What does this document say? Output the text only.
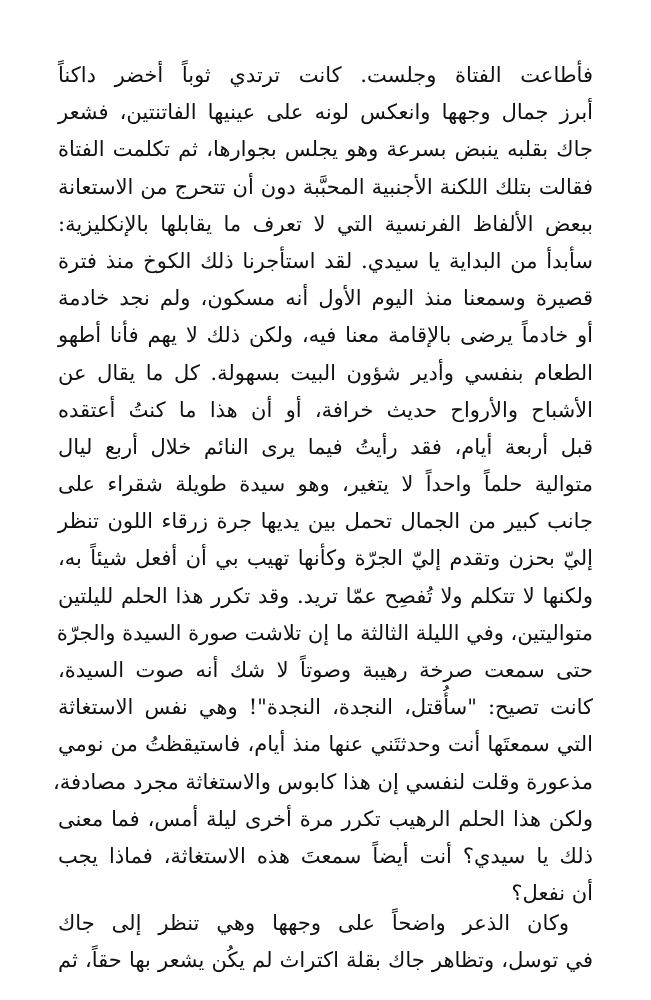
فأطاعت الفتاة وجلست. كانت ترتدي ثوباً أخضر داكناً
أبرز جمال وجهها وانعكس لونه على عينيها الفاتنتين، فشعر
جاك بقلبه ينبض بسرعة وهو يجلس بجوارها، ثم تكلمت الفتاة
فقالت بتلك اللكنة الأجنبية المحبَّبة دون أن تتحرج من الاستعانة
ببعض الألفاظ الفرنسية التي لا تعرف ما يقابلها بالإنكليزية:
سأبدأ من البداية يا سيدي. لقد استأجرنا ذلك الكوخ منذ فترة
قصيرة وسمعنا منذ اليوم الأول أنه مسكون، ولم نجد خادمة
أو خادماً يرضى بالإقامة معنا فيه، ولكن ذلك لا يهم فأنا أطهو
الطعام بنفسي وأدير شؤون البيت بسهولة. كل ما يقال عن
الأشباح والأرواح حديث خرافة، أو أن هذا ما كنتُ أعتقده
قبل أربعة أيام، فقد رأيتُ فيما يرى النائم خلال أربع ليال
متوالية حلماً واحداً لا يتغير، وهو سيدة طويلة شقراء على
جانب كبير من الجمال تحمل بين يديها جرة زرقاء اللون تنظر
إليّ بحزن وتقدم إليّ الجرّة وكأنها تهيب بي أن أفعل شيئاً به،
ولكنها لا تتكلم ولا تُفصِح عمّا تريد. وقد تكرر هذا الحلم لليلتين
متواليتين، وفي الليلة الثالثة ما إن تلاشت صورة السيدة والجرّة
حتى سمعت صرخة رهيبة وصوتاً لا شك أنه صوت السيدة،
كانت تصيح: "سأُقتل، النجدة، النجدة"! وهي نفس الاستغاثة
التي سمعتَها أنت وحدثتَني عنها منذ أيام، فاستيقظتُ من نومي
مذعورة وقلت لنفسي إن هذا كابوس والاستغاثة مجرد مصادفة،
ولكن هذا الحلم الرهيب تكرر مرة أخرى ليلة أمس، فما معنى
ذلك يا سيدي؟ أنت أيضاً سمعتَ هذه الاستغاثة، فماذا يجب
أن نفعل؟
وكان الذعر واضحاً على وجهها وهي تنظر إلى جاك
في توسل، وتظاهر جاك بقلة اكتراث لم يكُن يشعر بها حقاً، ثم
